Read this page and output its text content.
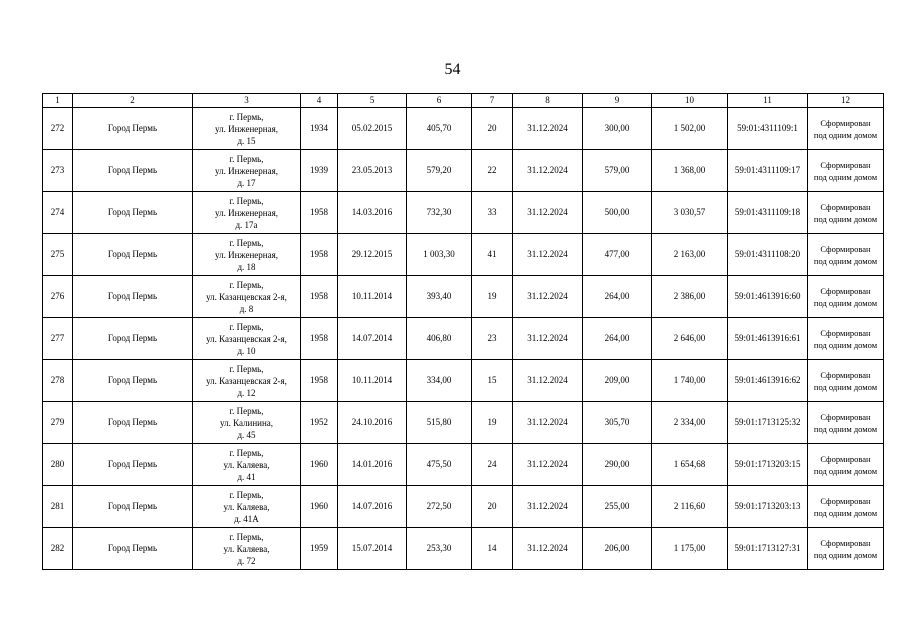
54
1	2	3	4	5	6	7	8	9	10	11	12
272	Город Пермь	г. Пермь,
ул. Инженерная,
д. 15	1934	05.02.2015	405,70	20	31.12.2024	300,00	1 502,00	59:01:4311109:1	Сформирован
под одним домом

273	Город Пермь	г. Пермь,
ул. Инженерная,
д. 17	1939	23.05.2013	579,20	22	31.12.2024	579,00	1 368,00	59:01:4311109:17	Сформирован
под одним домом

274	Город Пермь	г. Пермь,
ул. Инженерная,
д. 17а	1958	14.03.2016	732,30	33	31.12.2024	500,00	3 030,57	59:01:4311109:18	Сформирован
под одним домом

275	Город Пермь	г. Пермь,
ул. Инженерная,
д. 18	1958	29.12.2015	1 003,30	41	31.12.2024	477,00	2 163,00	59:01:4311108:20	Сформирован
под одним домом

276	Город Пермь	г. Пермь,
ул. Казанцевская 2-я,
д. 8	1958	10.11.2014	393,40	19	31.12.2024	264,00	2 386,00	59:01:4613916:60	Сформирован
под одним домом

277	Город Пермь	г. Пермь,
ул. Казанцевская 2-я,
д. 10	1958	14.07.2014	406,80	23	31.12.2024	264,00	2 646,00	59:01:4613916:61	Сформирован
под одним домом

278	Город Пермь	г. Пермь,
ул. Казанцевская 2-я,
д. 12	1958	10.11.2014	334,00	15	31.12.2024	209,00	1 740,00	59:01:4613916:62	Сформирован
под одним домом

279	Город Пермь	г. Пермь,
ул. Калинина,
д. 45	1952	24.10.2016	515,80	19	31.12.2024	305,70	2 334,00	59:01:1713125:32	Сформирован
под одним домом

280	Город Пермь	г. Пермь,
ул. Каляева,
д. 41	1960	14.01.2016	475,50	24	31.12.2024	290,00	1 654,68	59:01:1713203:15	Сформирован
под одним домом

281	Город Пермь	г. Пермь,
ул. Каляева,
д. 41А	1960	14.07.2016	272,50	20	31.12.2024	255,00	2 116,60	59:01:1713203:13	Сформирован
под одним домом

282	Город Пермь	г. Пермь,
ул. Каляева,
д. 72	1959	15.07.2014	253,30	14	31.12.2024	206,00	1 175,00	59:01:1713127:31	Сформирован
под одним домом
